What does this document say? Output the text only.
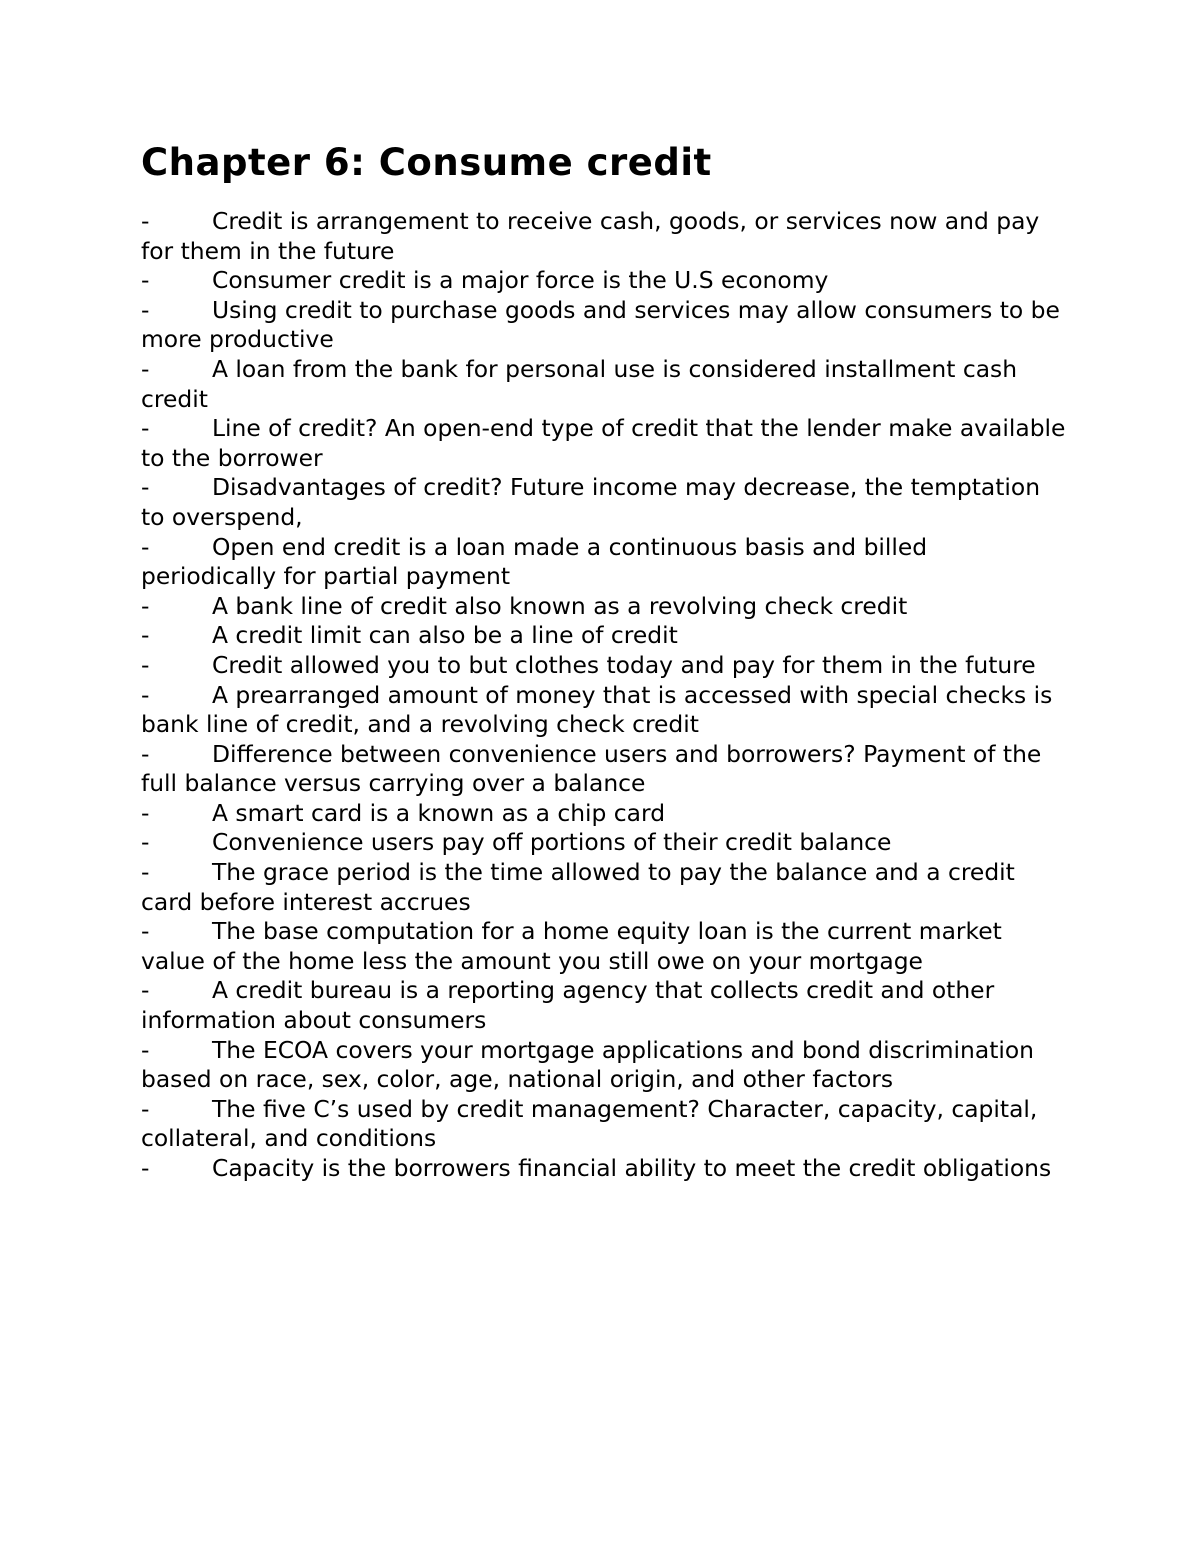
Chapter 6: Consume credit
-	Credit is arrangement to receive cash, goods, or services now and pay for them in the future
-	Consumer credit is a major force is the U.S economy
-	Using credit to purchase goods and services may allow consumers to be more productive
-	A loan from the bank for personal use is considered installment cash credit
-	Line of credit? An open-end type of credit that the lender make available to the borrower
-	Disadvantages of credit? Future income may decrease, the temptation to overspend,
-	Open end credit is a loan made a continuous basis and billed periodically for partial payment
-	A bank line of credit also known as a revolving check credit
-	A credit limit can also be a line of credit
-	Credit allowed you to but clothes today and pay for them in the future
-	A prearranged amount of money that is accessed with special checks is bank line of credit, and a revolving check credit
-	Difference between convenience users and borrowers? Payment of the full balance versus carrying over a balance
-	A smart card is a known as a chip card
-	Convenience users pay off portions of their credit balance
-	The grace period is the time allowed to pay the balance and a credit card before interest accrues
-	The base computation for a home equity loan is the current market value of the home less the amount you still owe on your mortgage
-	A credit bureau is a reporting agency that collects credit and other information about consumers
-	The ECOA covers your mortgage applications and bond discrimination based on race, sex, color, age, national origin, and other factors
-	The five C’s used by credit management? Character, capacity, capital, collateral, and conditions
-	Capacity is the borrowers financial ability to meet the credit obligations
